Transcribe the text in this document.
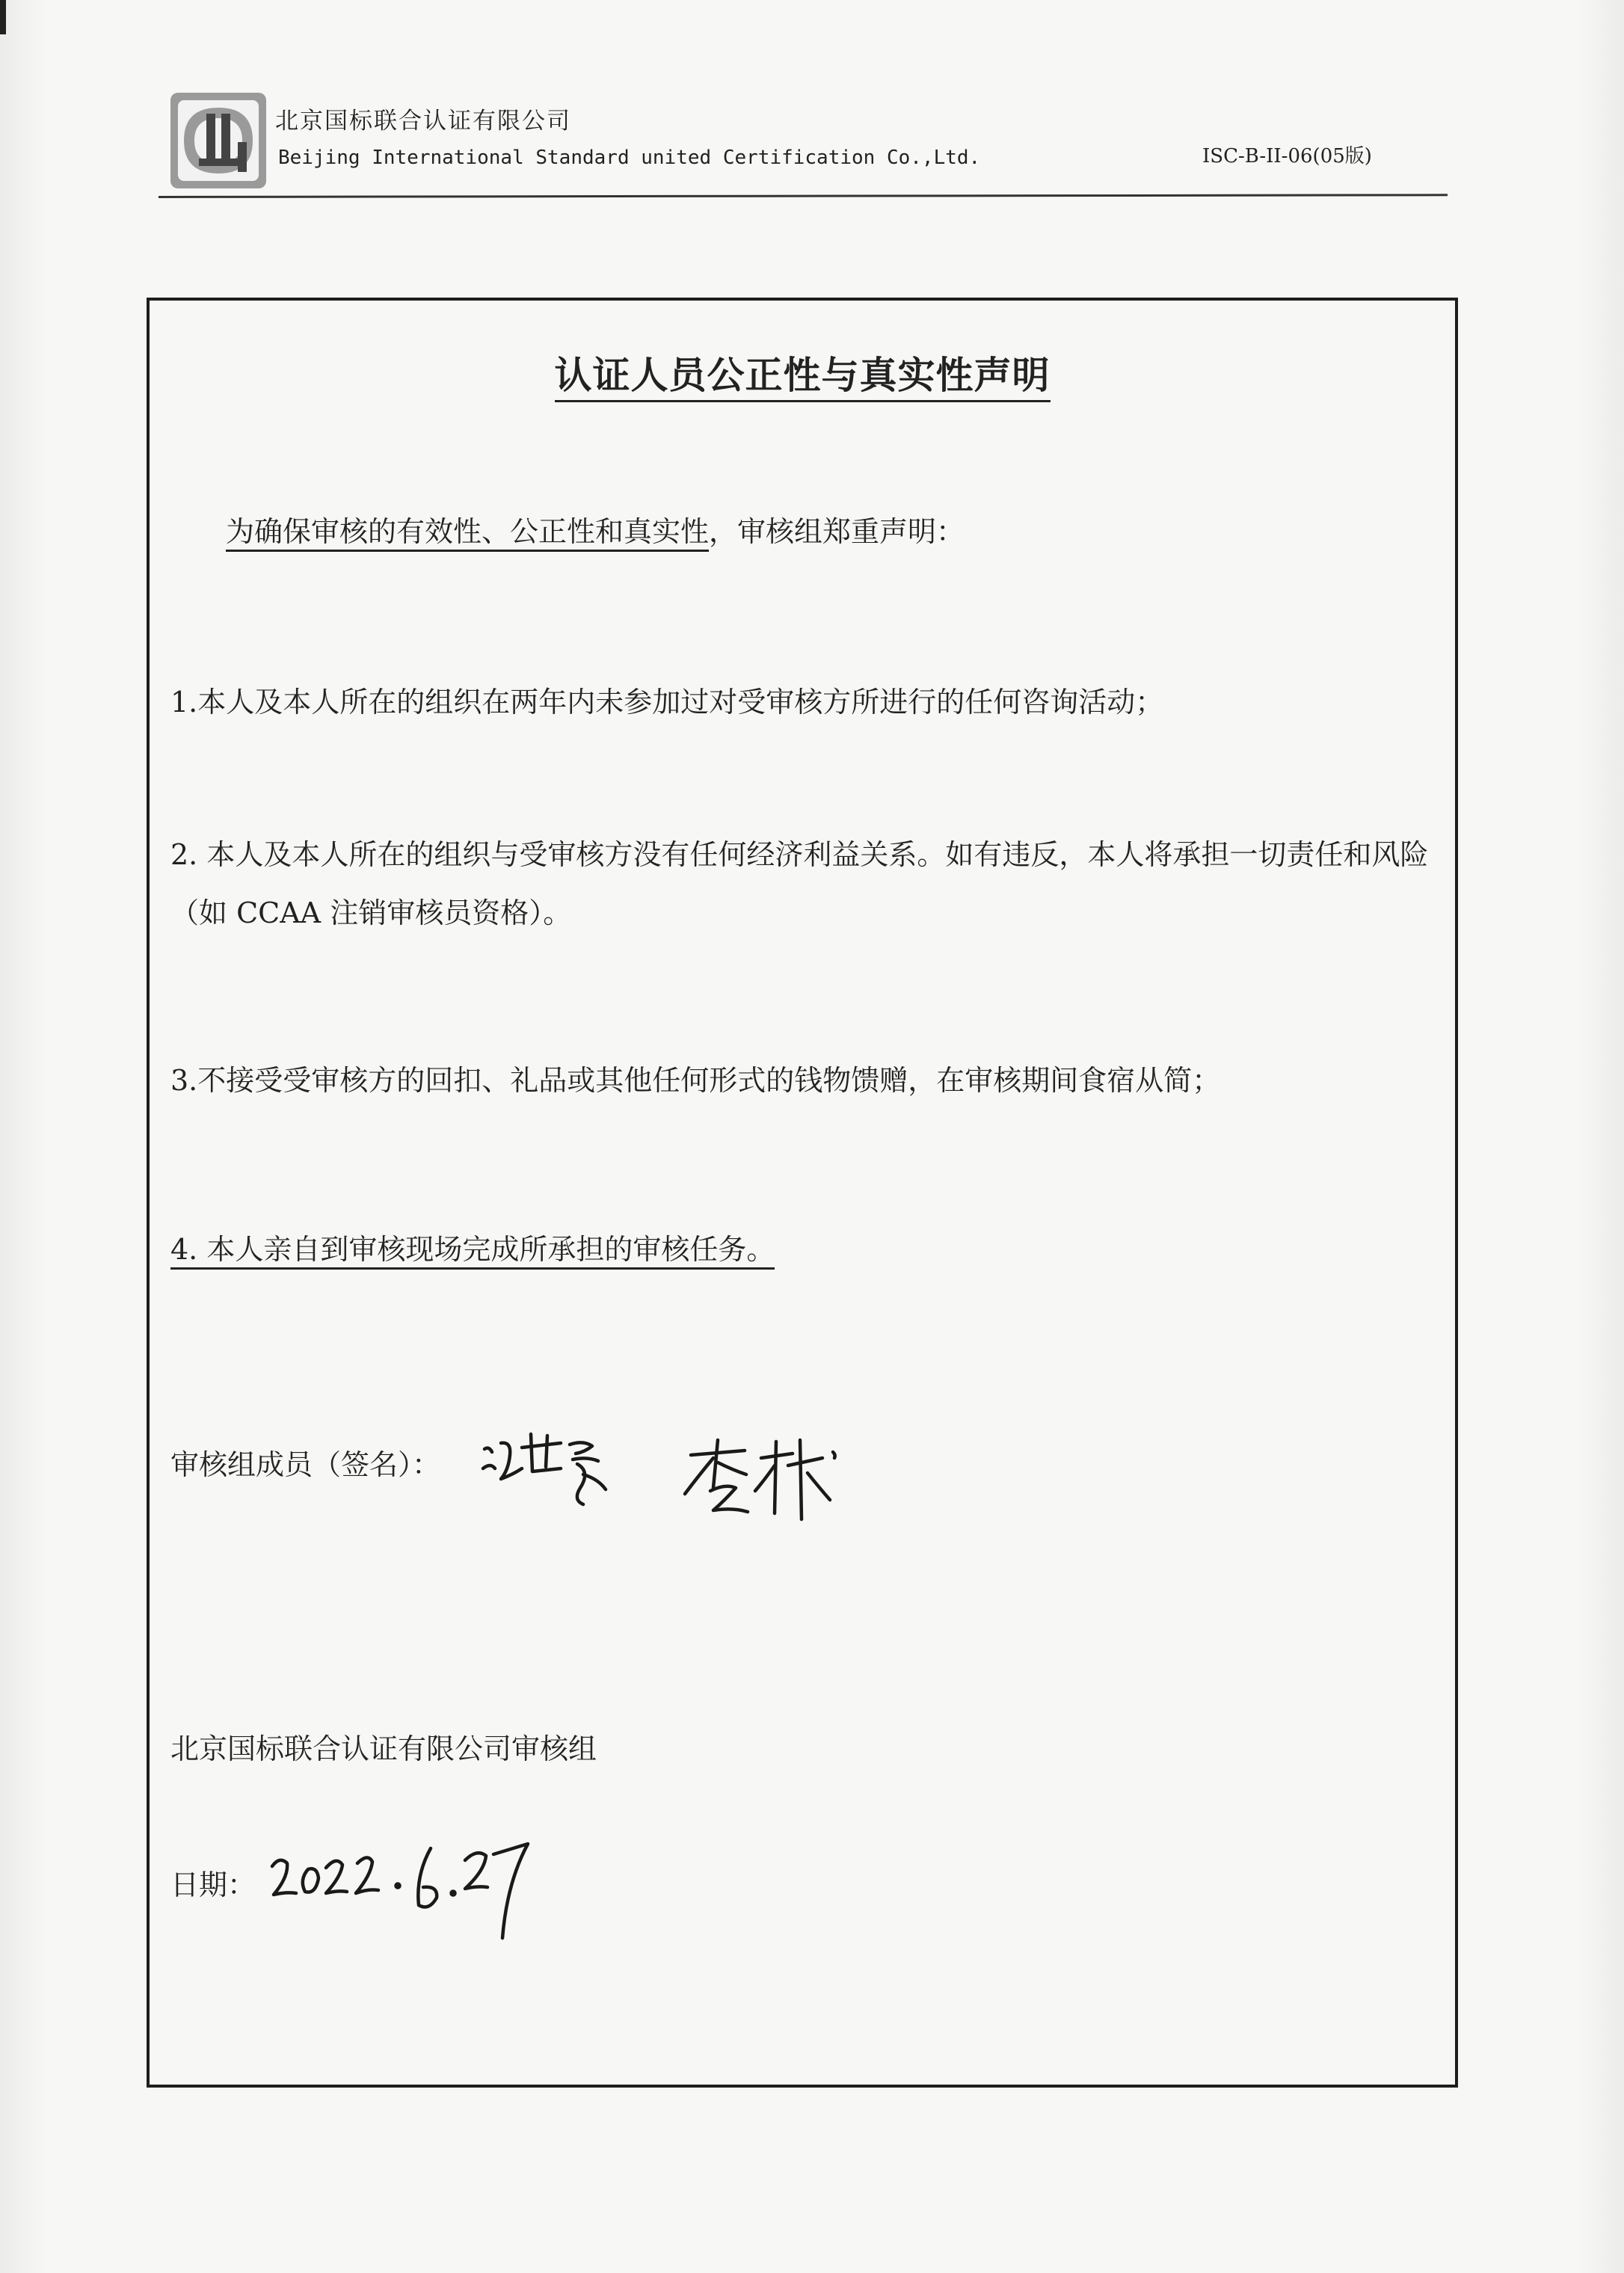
北京国标联合认证有限公司
Beijing International Standard united Certification Co.,Ltd.	ISC-B-II-06(05版)
认证人员公正性与真实性声明
为确保审核的有效性、公正性和真实性，审核组郑重声明：
1.本人及本人所在的组织在两年内未参加过对受审核方所进行的任何咨询活动；
2. 本人及本人所在的组织与受审核方没有任何经济利益关系。如有违反，本人将承担一切责任和风险（如 CCAA 注销审核员资格）。
3.不接受受审核方的回扣、礼品或其他任何形式的钱物馈赠，在审核期间食宿从简；
4. 本人亲自到审核现场完成所承担的审核任务。
审核组成员（签名）：
北京国标联合认证有限公司审核组
日期：
